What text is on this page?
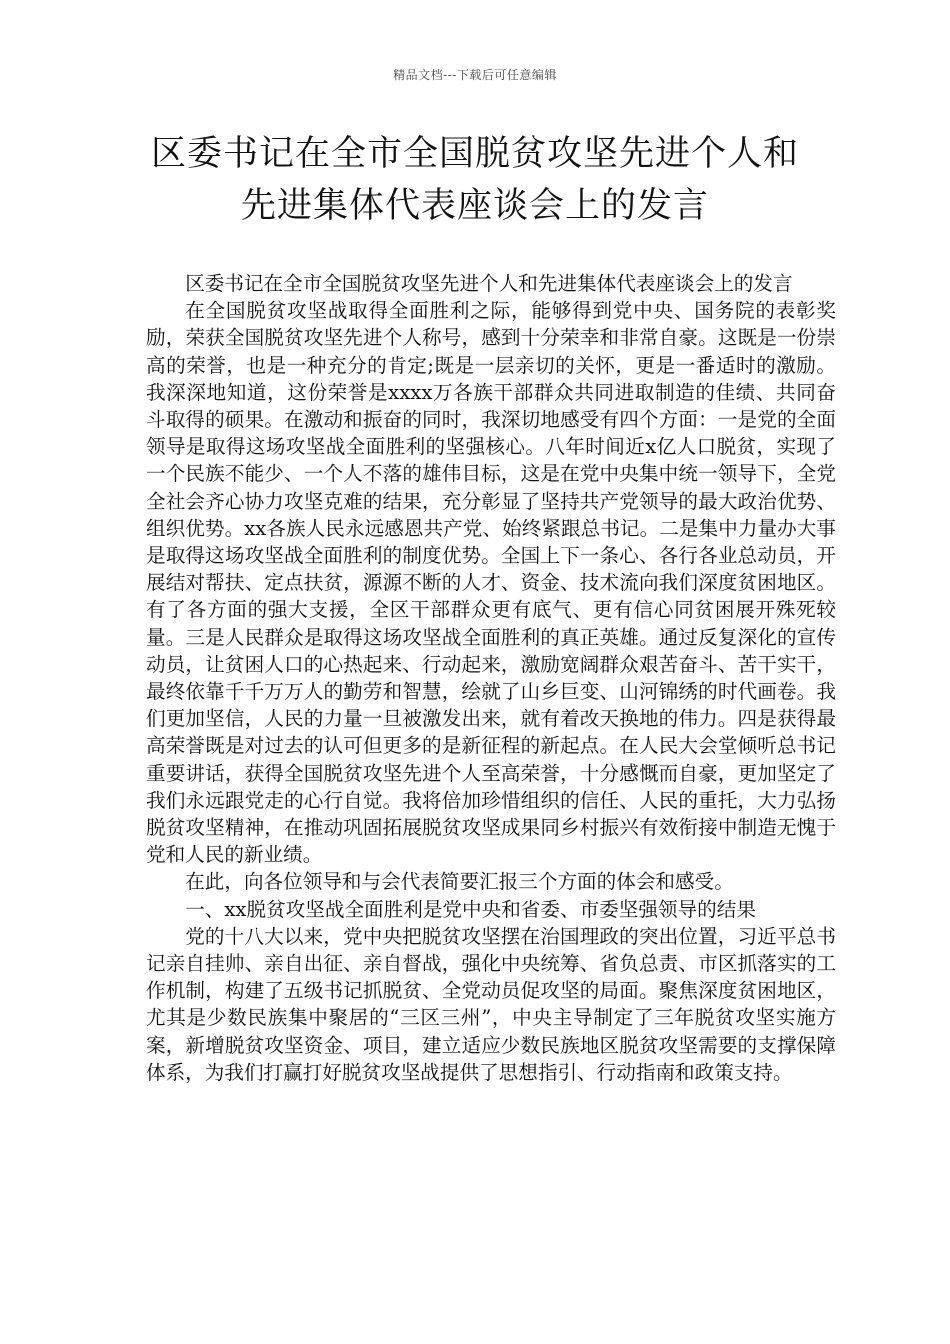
精品文档---下载后可任意编辑
区委书记在全市全国脱贫攻坚先进个人和
先进集体代表座谈会上的发言

区委书记在全市全国脱贫攻坚先进个人和先进集体代表座谈会上的发言

在全国脱贫攻坚战取得全面胜利之际，能够得到党中央、国务院的表彰奖励，荣获全国脱贫攻坚先进个人称号，感到十分荣幸和非常自豪。这既是一份崇高的荣誉，也是一种充分的肯定;既是一层亲切的关怀，更是一番适时的激励。我深深地知道，这份荣誉是xxxx万各族干部群众共同进取制造的佳绩、共同奋斗取得的硕果。在激动和振奋的同时，我深切地感受有四个方面：一是党的全面领导是取得这场攻坚战全面胜利的坚强核心。八年时间近x亿人口脱贫，实现了一个民族不能少、一个人不落的雄伟目标，这是在党中央集中统一领导下，全党全社会齐心协力攻坚克难的结果，充分彰显了坚持共产党领导的最大政治优势、组织优势。xx各族人民永远感恩共产党、始终紧跟总书记。二是集中力量办大事是取得这场攻坚战全面胜利的制度优势。全国上下一条心、各行各业总动员，开展结对帮扶、定点扶贫，源源不断的人才、资金、技术流向我们深度贫困地区。有了各方面的强大支援，全区干部群众更有底气、更有信心同贫困展开殊死较量。三是人民群众是取得这场攻坚战全面胜利的真正英雄。通过反复深化的宣传动员，让贫困人口的心热起来、行动起来，激励宽阔群众艰苦奋斗、苦干实干，最终依靠千千万万人的勤劳和智慧，绘就了山乡巨变、山河锦绣的时代画卷。我们更加坚信，人民的力量一旦被激发出来，就有着改天换地的伟力。四是获得最高荣誉既是对过去的认可但更多的是新征程的新起点。在人民大会堂倾听总书记重要讲话，获得全国脱贫攻坚先进个人至高荣誉，十分感慨而自豪，更加坚定了我们永远跟党走的心行自觉。我将倍加珍惜组织的信任、人民的重托，大力弘扬脱贫攻坚精神，在推动巩固拓展脱贫攻坚成果同乡村振兴有效衔接中制造无愧于党和人民的新业绩。

在此，向各位领导和与会代表简要汇报三个方面的体会和感受。

一、xx脱贫攻坚战全面胜利是党中央和省委、市委坚强领导的结果

党的十八大以来，党中央把脱贫攻坚摆在治国理政的突出位置，习近平总书记亲自挂帅、亲自出征、亲自督战，强化中央统筹、省负总责、市区抓落实的工作机制，构建了五级书记抓脱贫、全党动员促攻坚的局面。聚焦深度贫困地区，尤其是少数民族集中聚居的“三区三州”，中央主导制定了三年脱贫攻坚实施方案，新增脱贫攻坚资金、项目，建立适应少数民族地区脱贫攻坚需要的支撑保障体系，为我们打赢打好脱贫攻坚战提供了思想指引、行动指南和政策支持。
